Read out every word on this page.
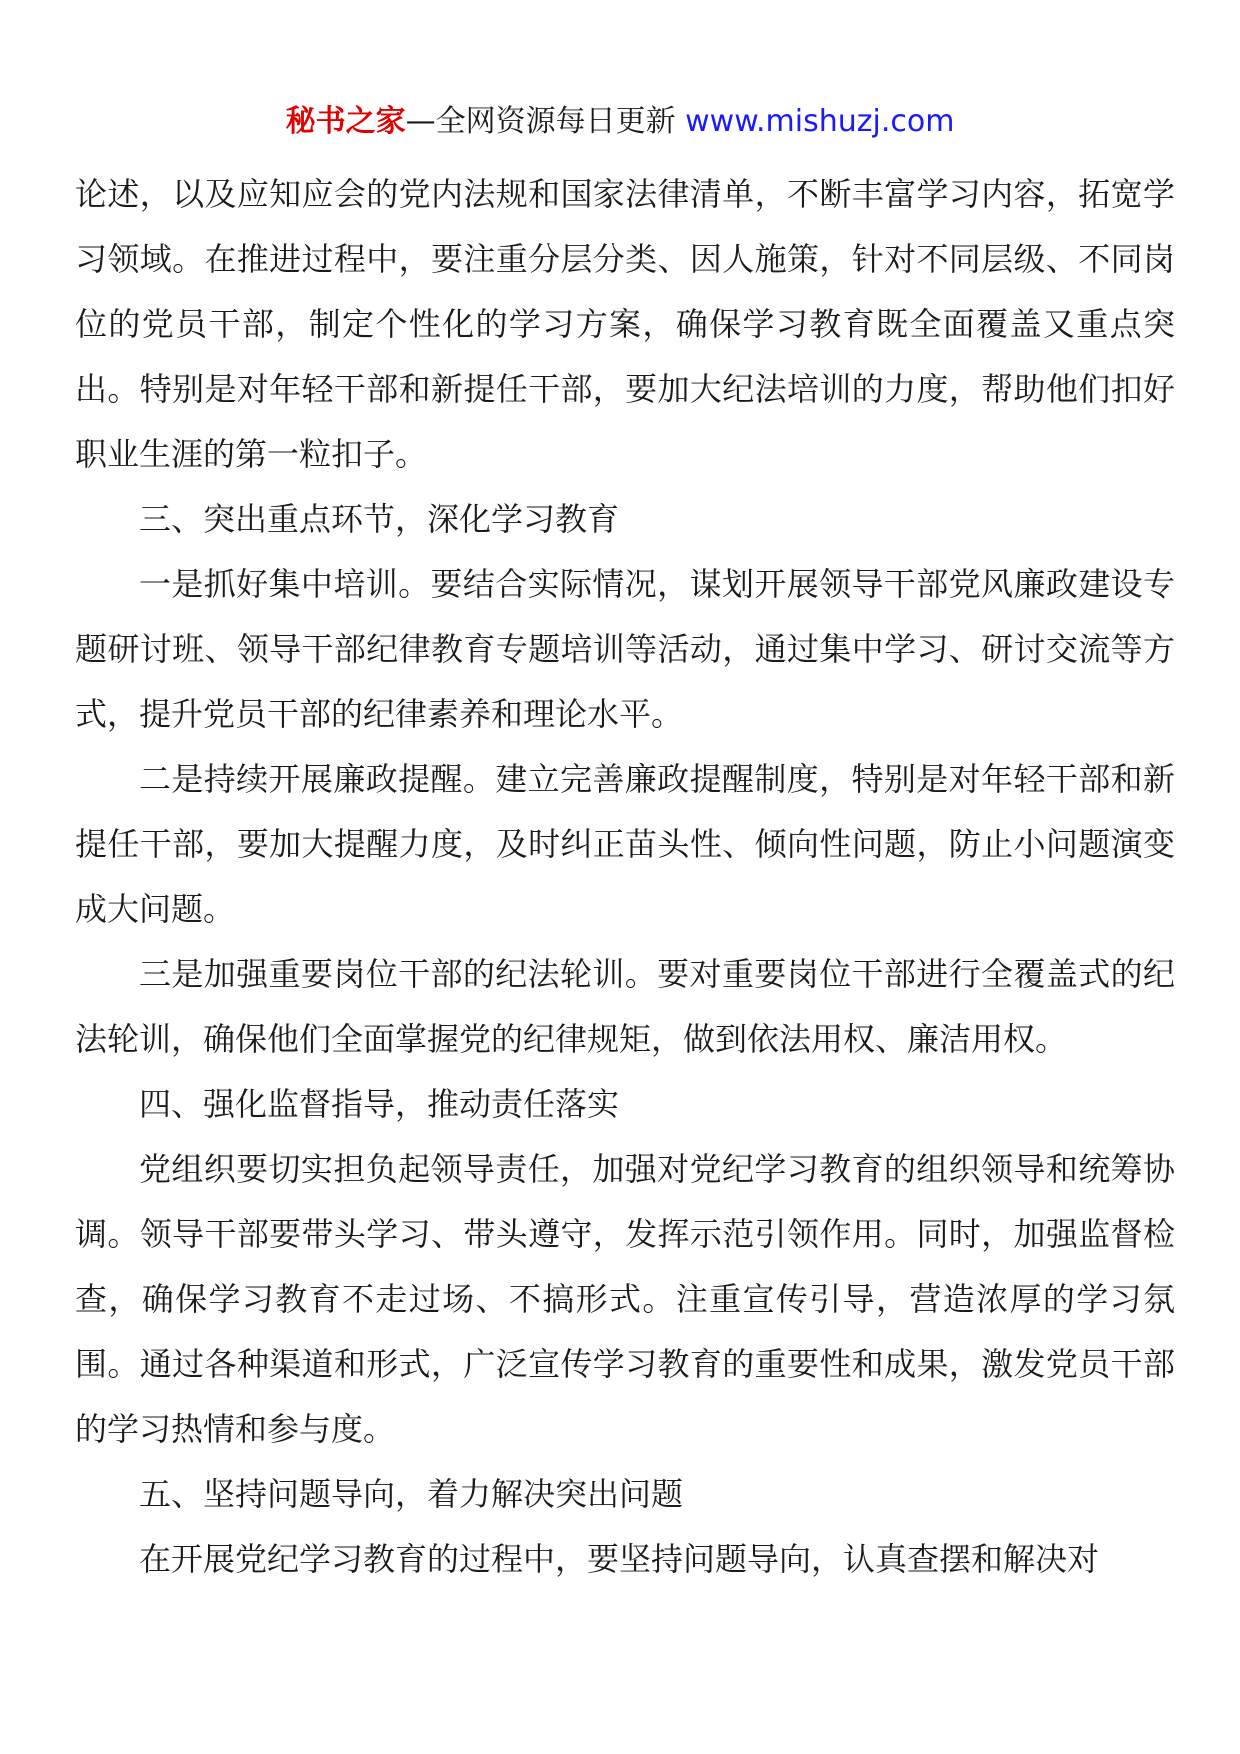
秘书之家—全网资源每日更新 www.mishuzj.com

论述，以及应知应会的党内法规和国家法律清单，不断丰富学习内容，拓宽学习领域。在推进过程中，要注重分层分类、因人施策，针对不同层级、不同岗位的党员干部，制定个性化的学习方案，确保学习教育既全面覆盖又重点突出。特别是对年轻干部和新提任干部，要加大纪法培训的力度，帮助他们扣好职业生涯的第一粒扣子。

三、突出重点环节，深化学习教育

一是抓好集中培训。要结合实际情况，谋划开展领导干部党风廉政建设专题研讨班、领导干部纪律教育专题培训等活动，通过集中学习、研讨交流等方式，提升党员干部的纪律素养和理论水平。

二是持续开展廉政提醒。建立完善廉政提醒制度，特别是对年轻干部和新提任干部，要加大提醒力度，及时纠正苗头性、倾向性问题，防止小问题演变成大问题。

三是加强重要岗位干部的纪法轮训。要对重要岗位干部进行全覆盖式的纪法轮训，确保他们全面掌握党的纪律规矩，做到依法用权、廉洁用权。

四、强化监督指导，推动责任落实

党组织要切实担负起领导责任，加强对党纪学习教育的组织领导和统筹协调。领导干部要带头学习、带头遵守，发挥示范引领作用。同时，加强监督检查，确保学习教育不走过场、不搞形式。注重宣传引导，营造浓厚的学习氛围。通过各种渠道和形式，广泛宣传学习教育的重要性和成果，激发党员干部的学习热情和参与度。

五、坚持问题导向，着力解决突出问题

在开展党纪学习教育的过程中，要坚持问题导向，认真查摆和解决对
